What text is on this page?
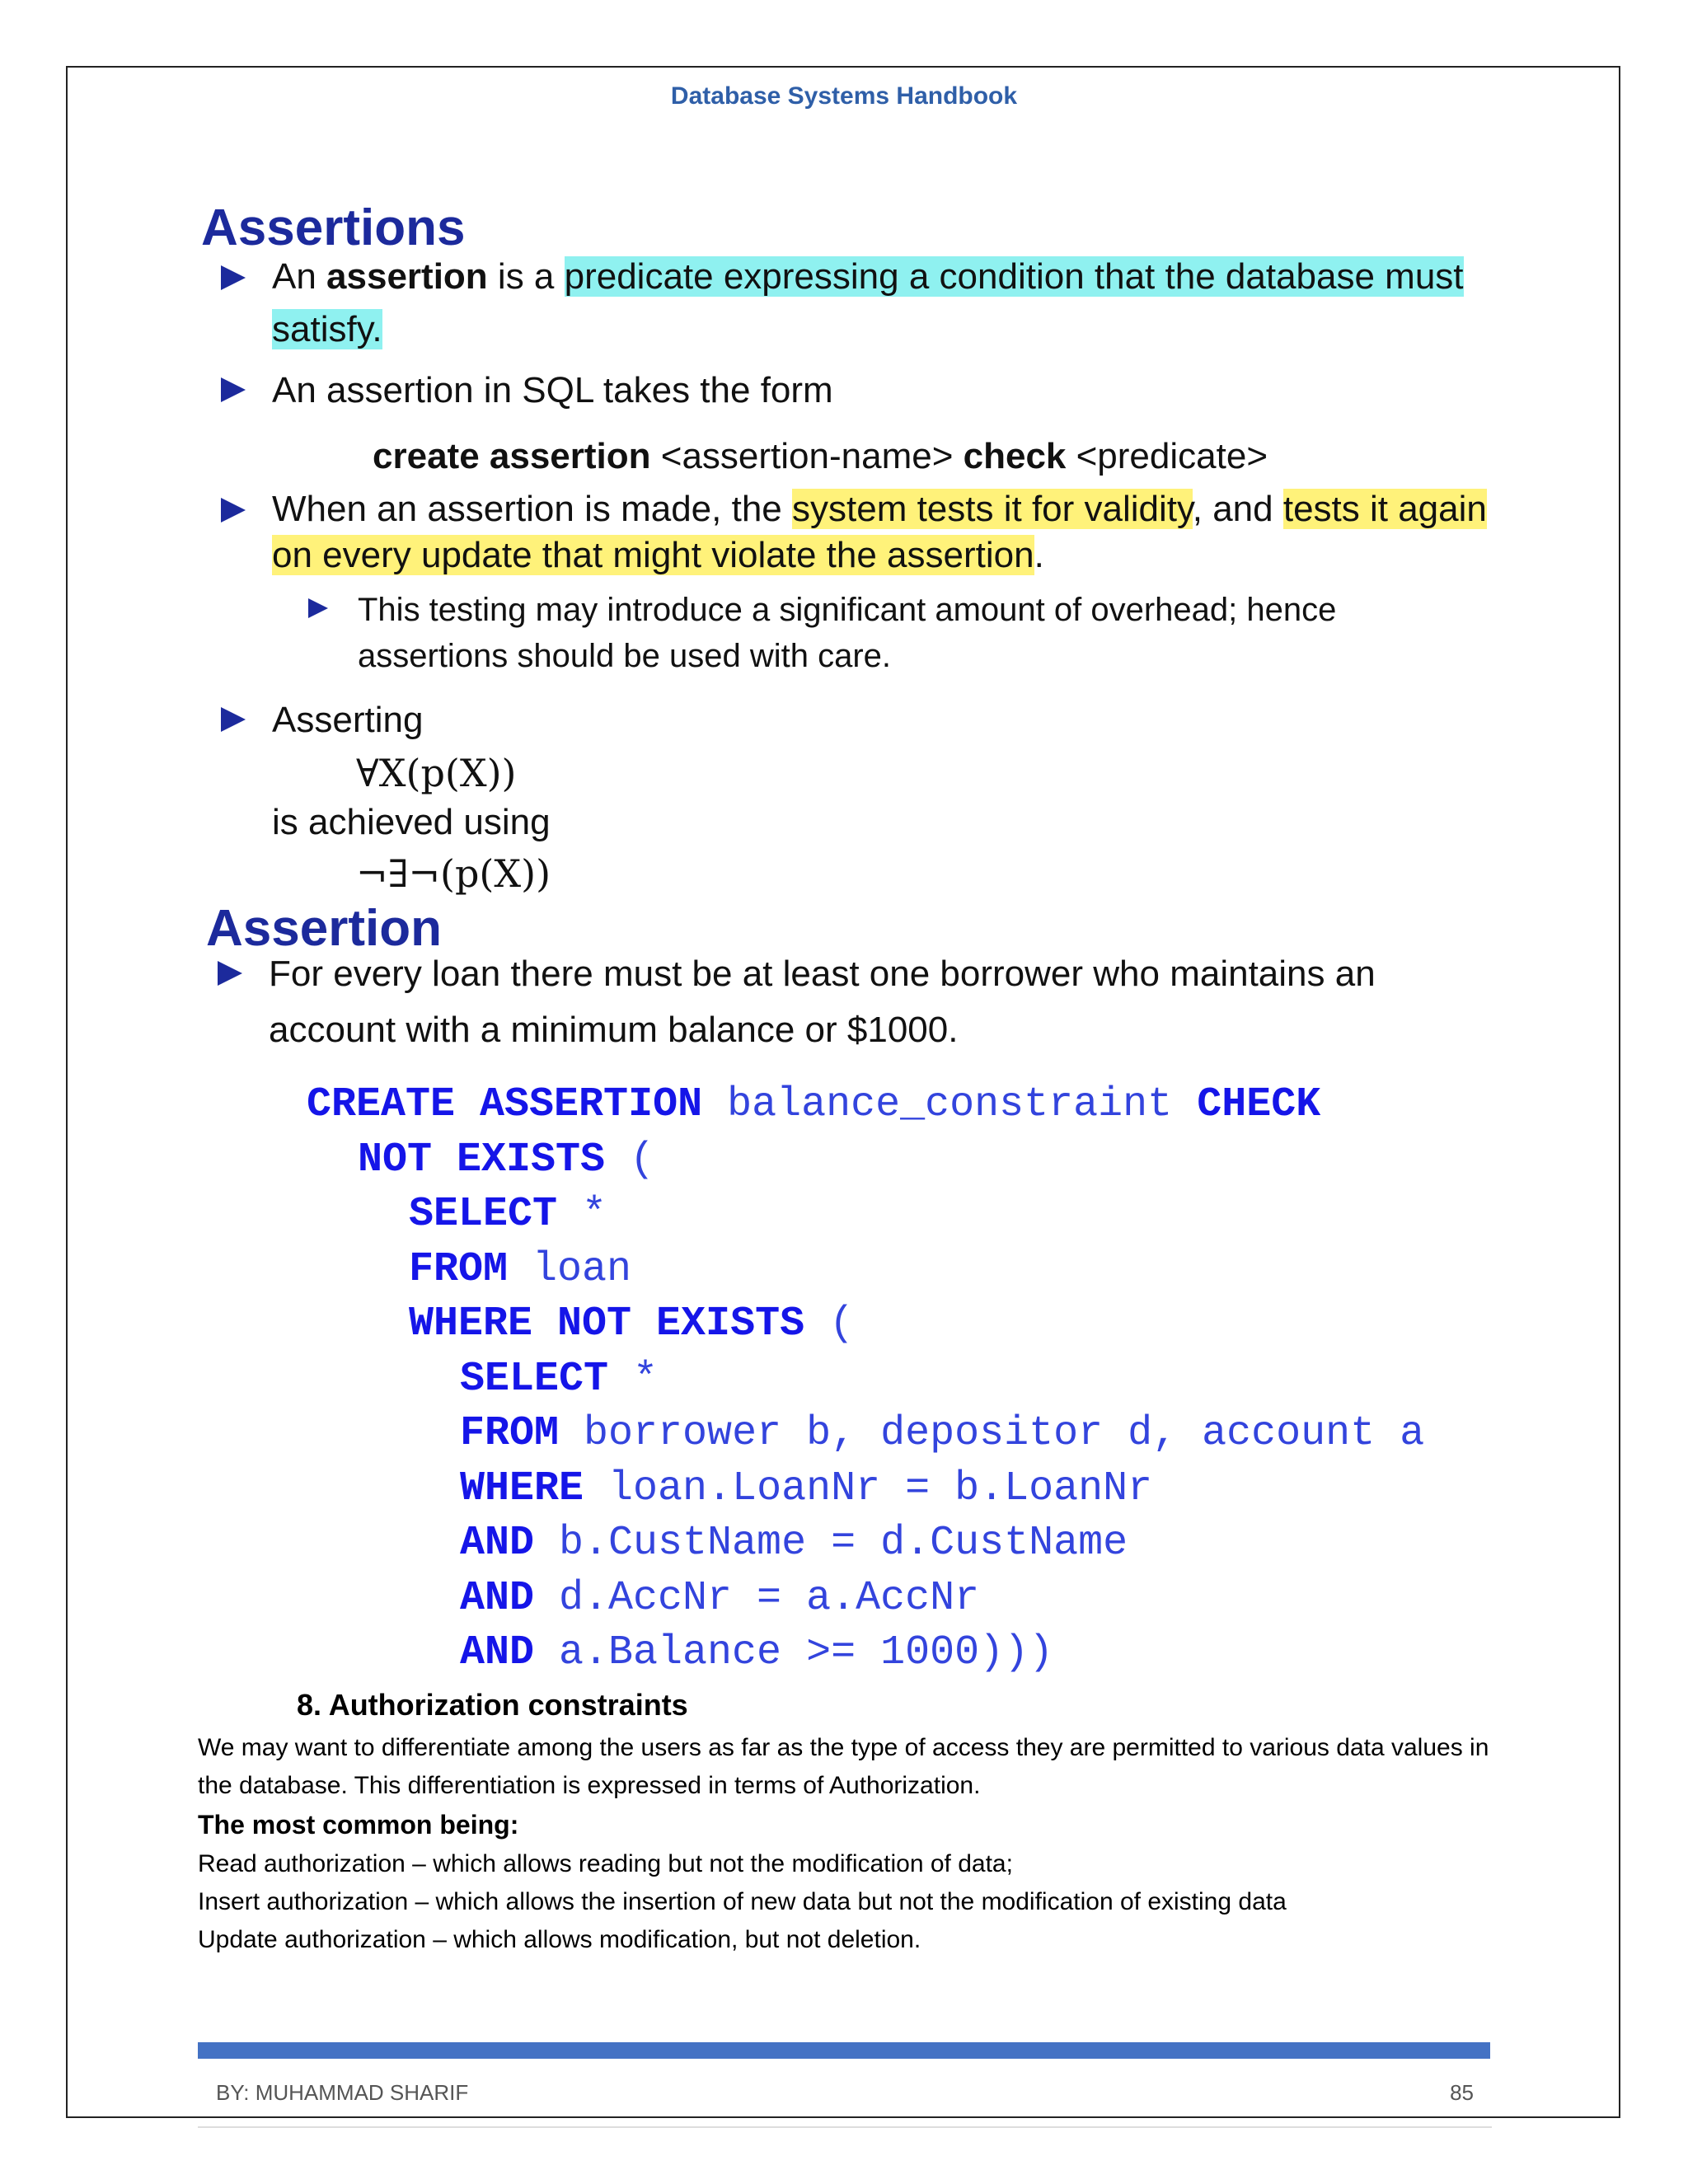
Database Systems Handbook
Assertions
An assertion is a predicate expressing a condition that the database must satisfy.
An assertion in SQL takes the form
create assertion <assertion-name> check <predicate>
When an assertion is made, the system tests it for validity, and tests it again on every update that might violate the assertion.
This testing may introduce a significant amount of overhead; hence assertions should be used with care.
Asserting
∀X(p(X))
is achieved using
¬∃¬(p(X))
Assertion
For every loan there must be at least one borrower who maintains an account with a minimum balance or $1000.
CREATE ASSERTION balance_constraint CHECK
NOT EXISTS (
SELECT *
FROM loan
WHERE NOT EXISTS (
SELECT *
FROM borrower b, depositor d, account a
WHERE loan.LoanNr = b.LoanNr
AND b.CustName = d.CustName
AND d.AccNr = a.AccNr
AND a.Balance >= 1000)))
8. Authorization constraints
We may want to differentiate among the users as far as the type of access they are permitted to various data values in the database. This differentiation is expressed in terms of Authorization.
The most common being:
Read authorization – which allows reading but not the modification of data;
Insert authorization – which allows the insertion of new data but not the modification of existing data
Update authorization – which allows modification, but not deletion.
BY: MUHAMMAD SHARIF	85
